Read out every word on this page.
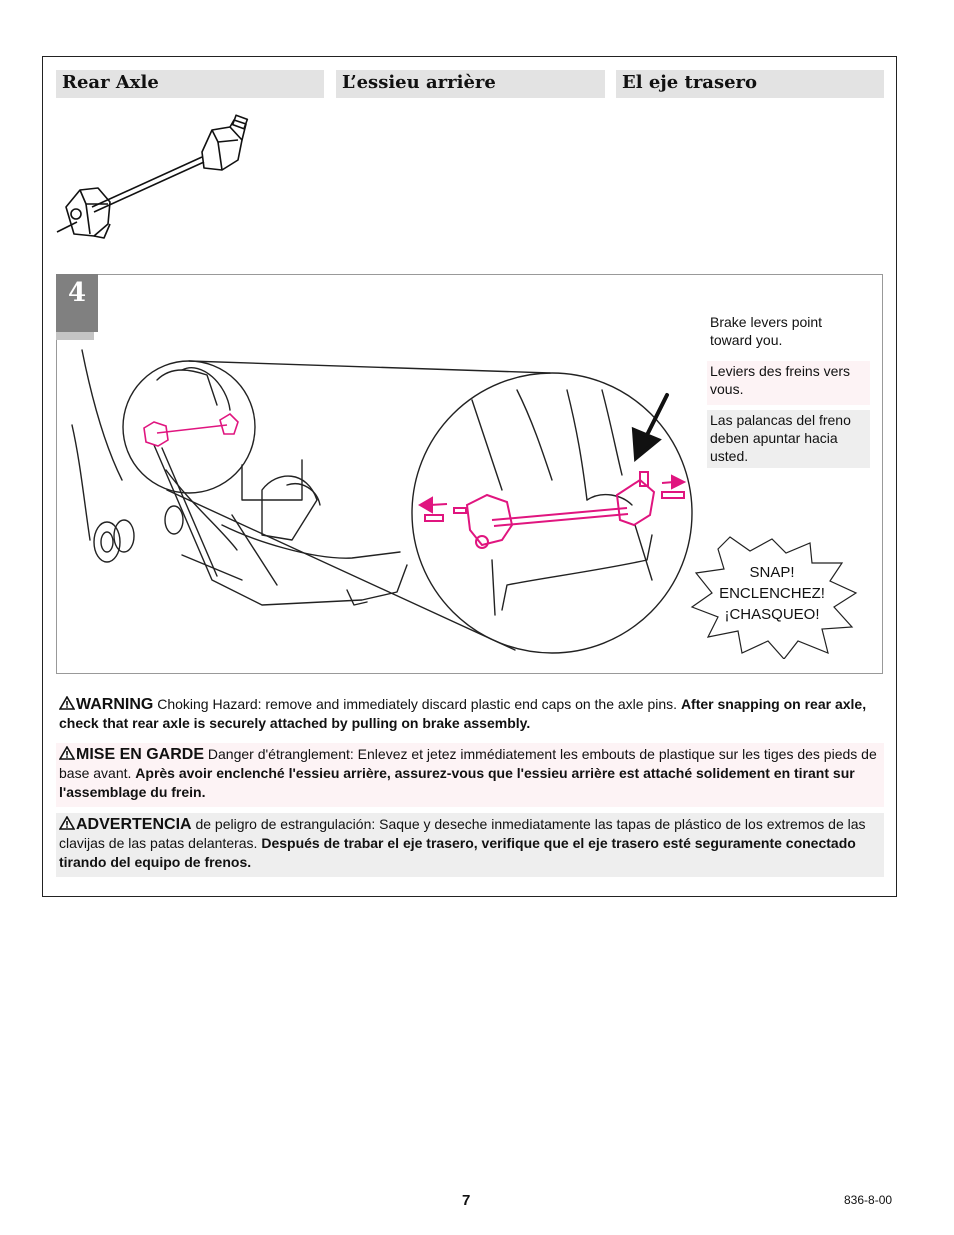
Rear Axle	L’essieu arrière	El eje trasero
4
Brake levers point toward you.
Leviers des freins vers vous.
Las palancas del freno deben apuntar hacia usted.
SNAP!
ENCLENCHEZ!
¡CHASQUEO!
WARNING Choking Hazard: remove and immediately discard plastic end caps on the axle pins. After snapping on rear axle, check that rear axle is securely attached by pulling on brake assembly.
MISE EN GARDE Danger d'étranglement: Enlevez et jetez immédiatement les embouts de plastique sur les tiges des pieds de base avant. Après avoir enclenché l'essieu arrière, assurez-vous que l'essieu arrière est attaché solidement en tirant sur l'assemblage du frein.
ADVERTENCIA de peligro de estrangulación: Saque y deseche inmediatamente las tapas de plástico de los extremos de las clavijas de las patas delanteras. Después de trabar el eje trasero, verifique que el eje trasero esté seguramente conectado tirando del equipo de frenos.
7	836-8-00
